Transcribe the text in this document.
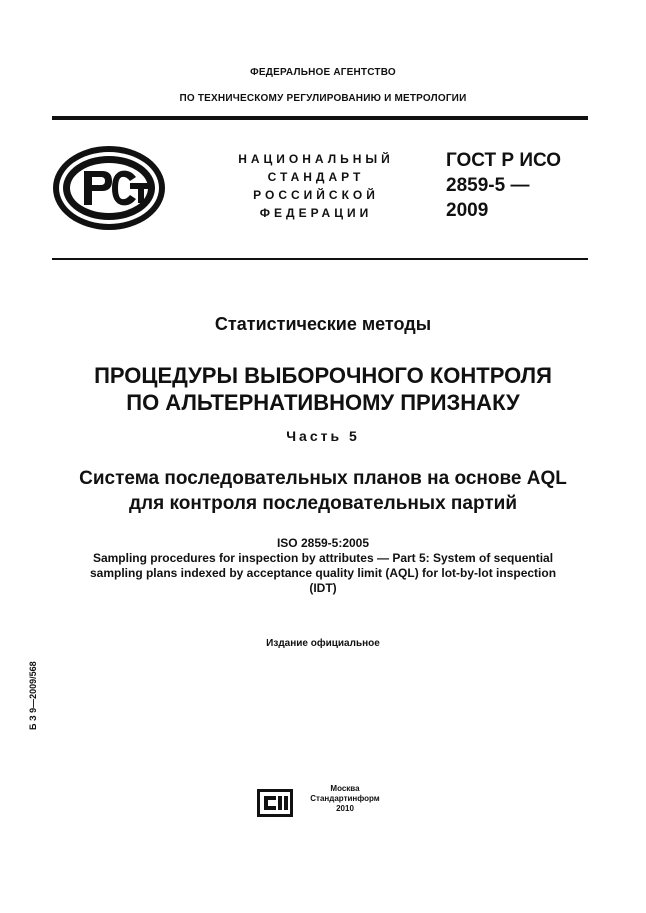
ФЕДЕРАЛЬНОЕ АГЕНТСТВО
ПО ТЕХНИЧЕСКОМУ РЕГУЛИРОВАНИЮ И МЕТРОЛОГИИ
НАЦИОНАЛЬНЫЙ
СТАНДАРТ
РОССИЙСКОЙ
ФЕДЕРАЦИИ
ГОСТ Р ИСО
2859-5 —
2009
Статистические методы
ПРОЦЕДУРЫ ВЫБОРОЧНОГО КОНТРОЛЯ
ПО АЛЬТЕРНАТИВНОМУ ПРИЗНАКУ
Часть 5
Система последовательных планов на основе AQL
для контроля последовательных партий
ISO 2859-5:2005
Sampling procedures for inspection by attributes — Part 5: System of sequential
sampling plans indexed by acceptance quality limit (AQL) for lot-by-lot inspection
(IDT)
Издание официальное
Б З 9—2009/568
Москва
Стандартинформ
2010
